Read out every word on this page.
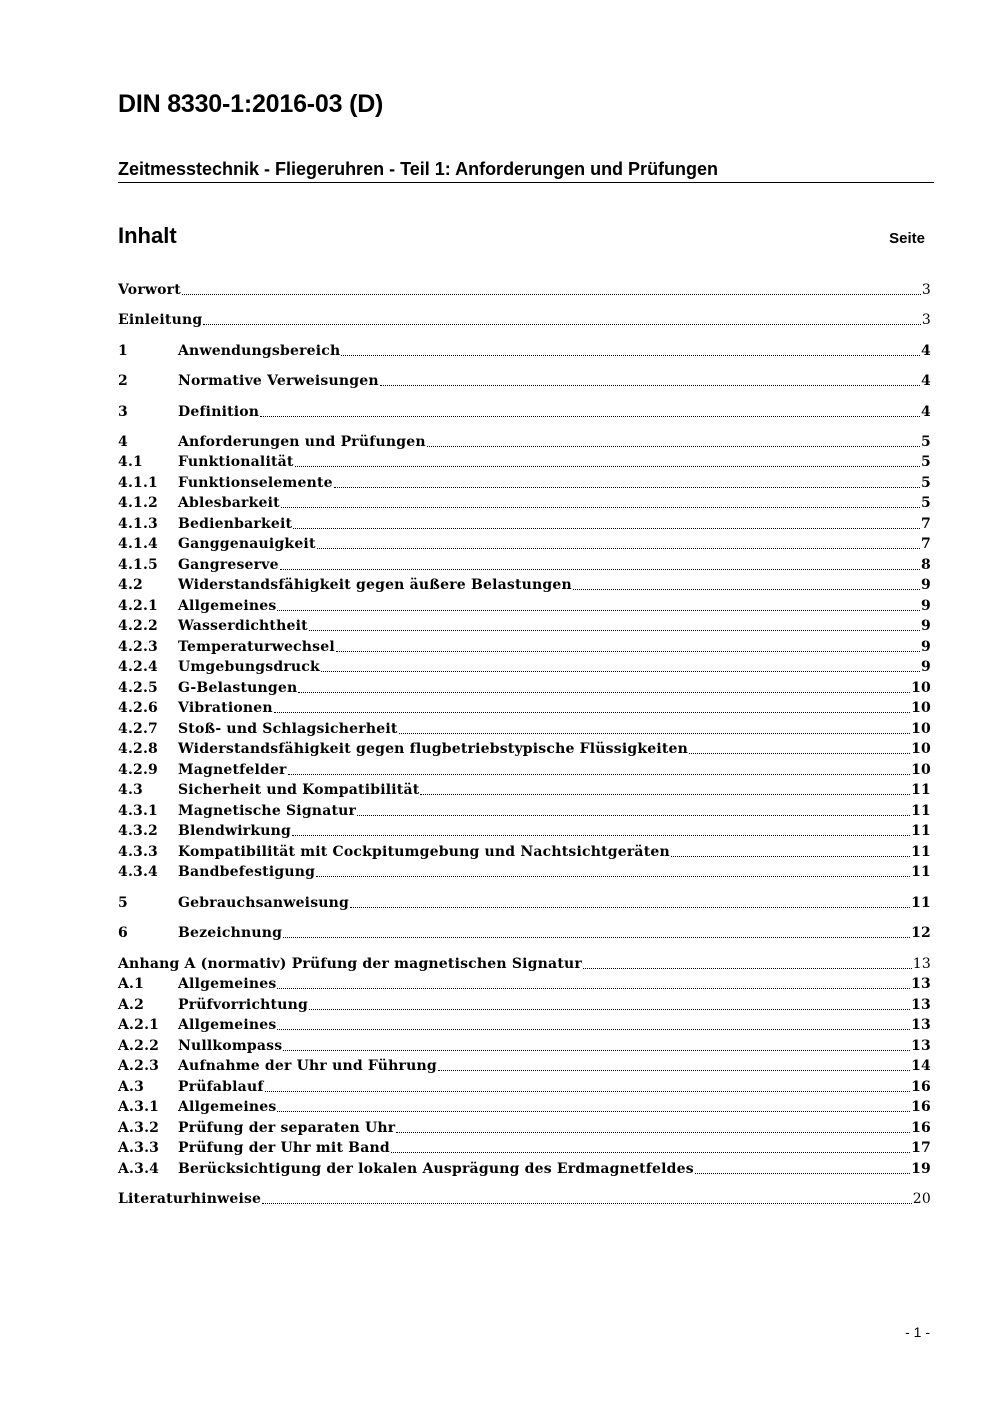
DIN 8330-1:2016-03 (D)
Zeitmesstechnik - Fliegeruhren - Teil 1: Anforderungen und Prüfungen
Inhalt	Seite
Vorwort	3
Einleitung	3
1	Anwendungsbereich	4
2	Normative Verweisungen	4
3	Definition	4
4	Anforderungen und Prüfungen	5
4.1	Funktionalität	5
4.1.1	Funktionselemente	5
4.1.2	Ablesbarkeit	5
4.1.3	Bedienbarkeit	7
4.1.4	Ganggenauigkeit	7
4.1.5	Gangreserve	8
4.2	Widerstandsfähigkeit gegen äußere Belastungen	9
4.2.1	Allgemeines	9
4.2.2	Wasserdichtheit	9
4.2.3	Temperaturwechsel	9
4.2.4	Umgebungsdruck	9
4.2.5	G-Belastungen	10
4.2.6	Vibrationen	10
4.2.7	Stoß- und Schlagsicherheit	10
4.2.8	Widerstandsfähigkeit gegen flugbetriebstypische Flüssigkeiten	10
4.2.9	Magnetfelder	10
4.3	Sicherheit und Kompatibilität	11
4.3.1	Magnetische Signatur	11
4.3.2	Blendwirkung	11
4.3.3	Kompatibilität mit Cockpitumgebung und Nachtsichtgeräten	11
4.3.4	Bandbefestigung	11
5	Gebrauchsanweisung	11
6	Bezeichnung	12
Anhang A (normativ) Prüfung der magnetischen Signatur	13
A.1	Allgemeines	13
A.2	Prüfvorrichtung	13
A.2.1	Allgemeines	13
A.2.2	Nullkompass	13
A.2.3	Aufnahme der Uhr und Führung	14
A.3	Prüfablauf	16
A.3.1	Allgemeines	16
A.3.2	Prüfung der separaten Uhr	16
A.3.3	Prüfung der Uhr mit Band	17
A.3.4	Berücksichtigung der lokalen Ausprägung des Erdmagnetfeldes	19
Literaturhinweise	20
- 1 -
